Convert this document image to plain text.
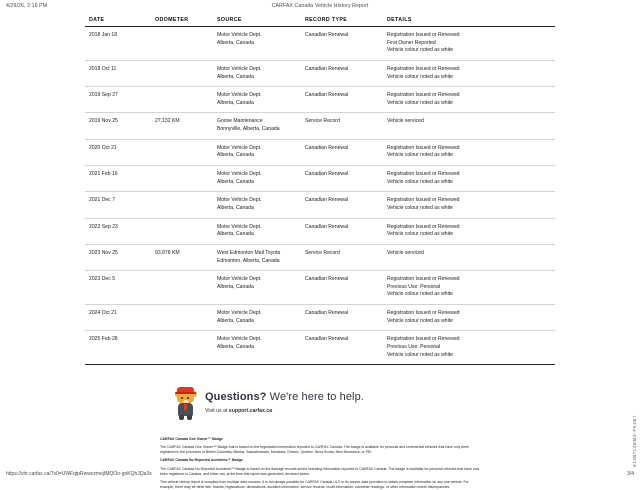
4/29/26, 2:16 PM	CARFAX Canada Vehicle History Report
DATE	ODOMETER	SOURCE	RECORD TYPE	DETAILS

2018 Jan 18		Motor Vehicle Dept.
Alberta, Canada	Canadian Renewal	Registration Issued or Renewed
First Owner Reported
Vehicle colour noted as white

2018 Oct 11		Motor Vehicle Dept.
Alberta, Canada	Canadian Renewal	Registration Issued or Renewed
Vehicle colour noted as white

2019 Sep 27		Motor Vehicle Dept.
Alberta, Canada	Canadian Renewal	Registration Issued or Renewed
Vehicle colour noted as white

2019 Nov 25	27,132 KM	Goose Maintenance
Bonnyville, Alberta, Canada	Service Record	Vehicle serviced

2020 Oct 21		Motor Vehicle Dept.
Alberta, Canada	Canadian Renewal	Registration Issued or Renewed
Vehicle colour noted as white

2021 Feb 16		Motor Vehicle Dept.
Alberta, Canada	Canadian Renewal	Registration Issued or Renewed
Vehicle colour noted as white

2021 Dec 7		Motor Vehicle Dept.
Alberta, Canada	Canadian Renewal	Registration Issued or Renewed
Vehicle colour noted as white

2022 Sep 23		Motor Vehicle Dept.
Alberta, Canada	Canadian Renewal	Registration Issued or Renewed
Vehicle colour noted as white

2023 Nov 25	93,878 KM	West Edmonton Mall Toyota
Edmonton, Alberta, Canada	Service Record	Vehicle serviced

2023 Dec 5		Motor Vehicle Dept.
Alberta, Canada	Canadian Renewal	Registration Issued or Renewed
Previous Use: Personal
Vehicle colour noted as white

2024 Oct 21		Motor Vehicle Dept.
Alberta, Canada	Canadian Renewal	Registration Issued or Renewed
Vehicle colour noted as white

2025 Feb 28		Motor Vehicle Dept.
Alberta, Canada	Canadian Renewal	Registration Issued or Renewed
Previous Use: Personal
Vehicle colour noted as white
Questions? We're here to help.
Visit us at support.carfax.ca

CARFAX Canada One Owner™ Badge

The CARFAX Canada One Owner™ Badge that is based on the registration information reported to CARFAX Canada. The badge is available for personal and commercial vehicles that have only been registered in the provinces of British Columbia, Alberta, Saskatchewan, Manitoba, Ontario, Quebec, Nova Scotia, New Brunswick, or PEI.

CARFAX Canada No Reported Accidents™ Badge

The CARFAX Canada No Reported Accidents™ Badge is based on the damage records and/or branding information reported to CARFAX Canada. The badge is available for personal vehicles that have only been registered in Canada, and either not, at the time this report was generated, declared stolen.

This vehicle history report is compiled from multiple data sources. It is not always possible for CARFAX Canada ULC or its source data providers to obtain complete information on any one vehicle. For example, there may be other title, brands, registrations, declarations, accident information, service records, recall information, odometer readings, or other information where discrepancies

813B7L4EMS-PK2B7
https://vhr.carfax.ca/?x0=UWFqtpRwwvzmejfMQOo-goKQhJQa3x	3/4
